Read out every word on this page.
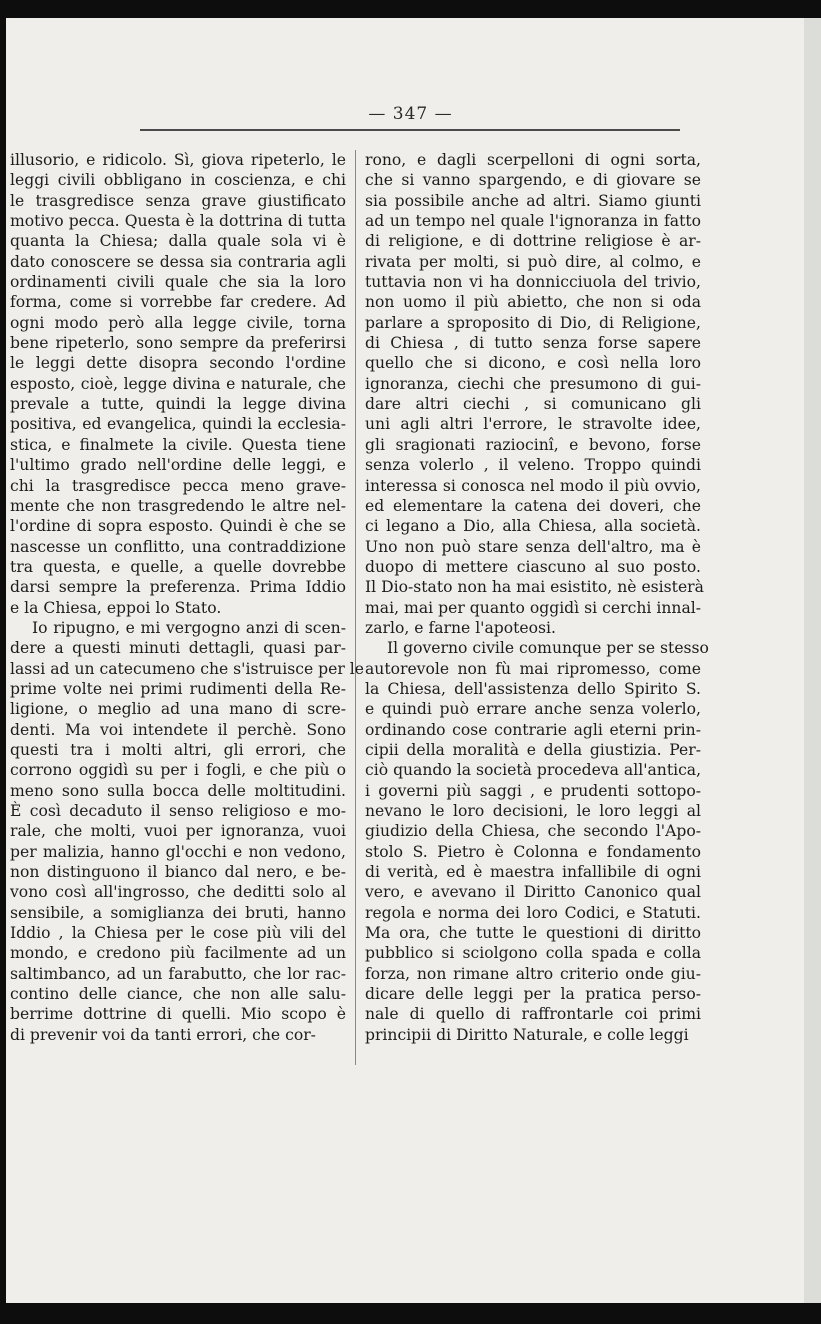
— 347 —
illusorio, e ridicolo. Sì, giova ripeterlo, le
leggi civili obbligano in coscienza, e chi
le trasgredisce senza grave giustificato
motivo pecca. Questa è la dottrina di tutta
quanta la Chiesa; dalla quale sola vi è
dato conoscere se dessa sia contraria agli
ordinamenti civili quale che sia la loro
forma, come si vorrebbe far credere. Ad
ogni modo però alla legge civile, torna
bene ripeterlo, sono sempre da preferirsi
le leggi dette disopra secondo l'ordine
esposto, cioè, legge divina e naturale, che
prevale a tutte, quindi la legge divina
positiva, ed evangelica, quindi la ecclesia-
stica, e finalmete la civile. Questa tiene
l'ultimo grado nell'ordine delle leggi, e
chi la trasgredisce pecca meno grave-
mente che non trasgredendo le altre nel-
l'ordine di sopra esposto. Quindi è che se
nascesse un conflitto, una contraddizione
tra questa, e quelle, a quelle dovrebbe
darsi sempre la preferenza. Prima Iddio
e la Chiesa, eppoi lo Stato.
Io ripugno, e mi vergogno anzi di scen-
dere a questi minuti dettagli, quasi par-
lassi ad un catecumeno che s'istruisce per le
prime volte nei primi rudimenti della Re-
ligione, o meglio ad una mano di scre-
denti. Ma voi intendete il perchè. Sono
questi tra i molti altri, gli errori, che
corrono oggidì su per i fogli, e che più o
meno sono sulla bocca delle moltitudini.
È così decaduto il senso religioso e mo-
rale, che molti, vuoi per ignoranza, vuoi
per malizia, hanno gl'occhi e non vedono,
non distinguono il bianco dal nero, e be-
vono così all'ingrosso, che deditti solo al
sensibile, a somiglianza dei bruti, hanno
Iddio , la Chiesa per le cose più vili del
mondo, e credono più facilmente ad un
saltimbanco, ad un farabutto, che lor rac-
contino delle ciance, che non alle salu-
berrime dottrine di quelli. Mio scopo è
di prevenir voi da tanti errori, che cor-
rono, e dagli scerpelloni di ogni sorta,
che si vanno spargendo, e di giovare se
sia possibile anche ad altri. Siamo giunti
ad un tempo nel quale l'ignoranza in fatto
di religione, e di dottrine religiose è ar-
rivata per molti, si può dire, al colmo, e
tuttavia non vi ha donnicciuola del trivio,
non uomo il più abietto, che non si oda
parlare a sproposito di Dio, di Religione,
di Chiesa , di tutto senza forse sapere
quello che si dicono, e così nella loro
ignoranza, ciechi che presumono di gui-
dare altri ciechi , si comunicano gli
uni agli altri l'errore, le stravolte idee,
gli sragionati raziocinî, e bevono, forse
senza volerlo , il veleno. Troppo quindi
interessa si conosca nel modo il più ovvio,
ed elementare la catena dei doveri, che
ci legano a Dio, alla Chiesa, alla società.
Uno non può stare senza dell'altro, ma è
duopo di mettere ciascuno al suo posto.
Il Dio-stato non ha mai esistito, nè esisterà
mai, mai per quanto oggidì si cerchi innal-
zarlo, e farne l'apoteosi.
Il governo civile comunque per se stesso
autorevole non fù mai ripromesso, come
la Chiesa, dell'assistenza dello Spirito S.
e quindi può errare anche senza volerlo,
ordinando cose contrarie agli eterni prin-
cipii della moralità e della giustizia. Per-
ciò quando la società procedeva all'antica,
i governi più saggi , e prudenti sottopo-
nevano le loro decisioni, le loro leggi al
giudizio della Chiesa, che secondo l'Apo-
stolo S. Pietro è Colonna e fondamento
di verità, ed è maestra infallibile di ogni
vero, e avevano il Diritto Canonico qual
regola e norma dei loro Codici, e Statuti.
Ma ora, che tutte le questioni di diritto
pubblico si sciolgono colla spada e colla
forza, non rimane altro criterio onde giu-
dicare delle leggi per la pratica perso-
nale di quello di raffrontarle coi primi
principii di Diritto Naturale, e colle leggi
